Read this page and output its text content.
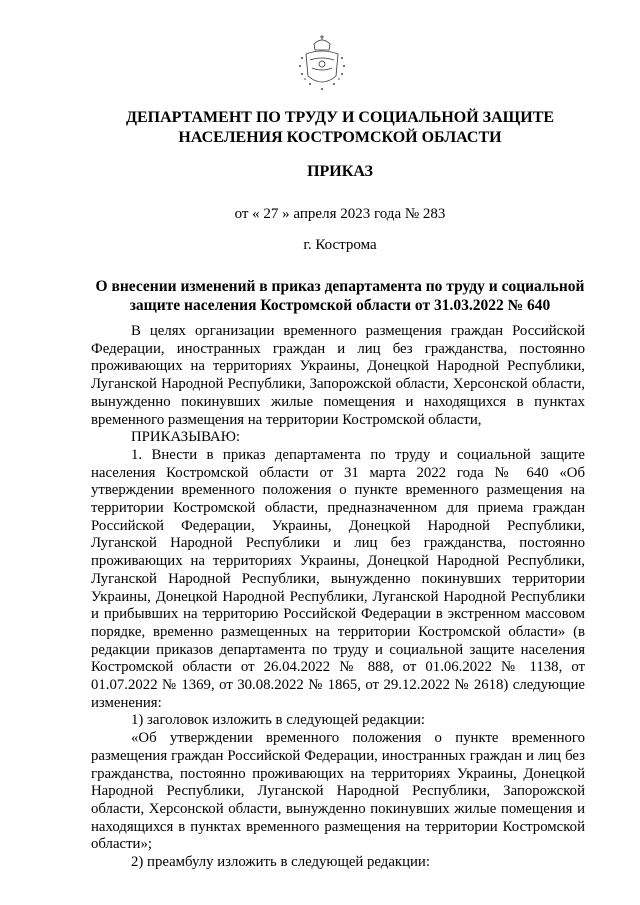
ДЕПАРТАМЕНТ ПО ТРУДУ И СОЦИАЛЬНОЙ ЗАЩИТЕ
НАСЕЛЕНИЯ КОСТРОМСКОЙ ОБЛАСТИ
ПРИКАЗ
от « 27 » апреля 2023 года № 283
г. Кострома
О внесении изменений в приказ департамента по труду и социальной
защите населения Костромской области от 31.03.2022 № 640

В целях организации временного размещения граждан Российской Федерации, иностранных граждан и лиц без гражданства, постоянно проживающих на территориях Украины, Донецкой Народной Республики, Луганской Народной Республики, Запорожской области, Херсонской области, вынужденно покинувших жилые помещения и находящихся в пунктах временного размещения на территории Костромской области,

ПРИКАЗЫВАЮ:

1. Внести в приказ департамента по труду и социальной защите населения Костромской области от 31 марта 2022 года № 640 «Об утверждении временного положения о пункте временного размещения на территории Костромской области, предназначенном для приема граждан Российской Федерации, Украины, Донецкой Народной Республики, Луганской Народной Республики и лиц без гражданства, постоянно проживающих на территориях Украины, Донецкой Народной Республики, Луганской Народной Республики, вынужденно покинувших территории Украины, Донецкой Народной Республики, Луганской Народной Республики и прибывших на территорию Российской Федерации в экстренном массовом порядке, временно размещенных на территории Костромской области» (в редакции приказов департамента по труду и социальной защите населения Костромской области от 26.04.2022 № 888, от 01.06.2022 № 1138, от 01.07.2022 № 1369, от 30.08.2022 № 1865, от 29.12.2022 № 2618) следующие изменения:

1) заголовок изложить в следующей редакции:

«Об утверждении временного положения о пункте временного размещения граждан Российской Федерации, иностранных граждан и лиц без гражданства, постоянно проживающих на территориях Украины, Донецкой Народной Республики, Луганской Народной Республики, Запорожской области, Херсонской области, вынужденно покинувших жилые помещения и находящихся в пунктах временного размещения на территории Костромской области»;

2) преамбулу изложить в следующей редакции:
